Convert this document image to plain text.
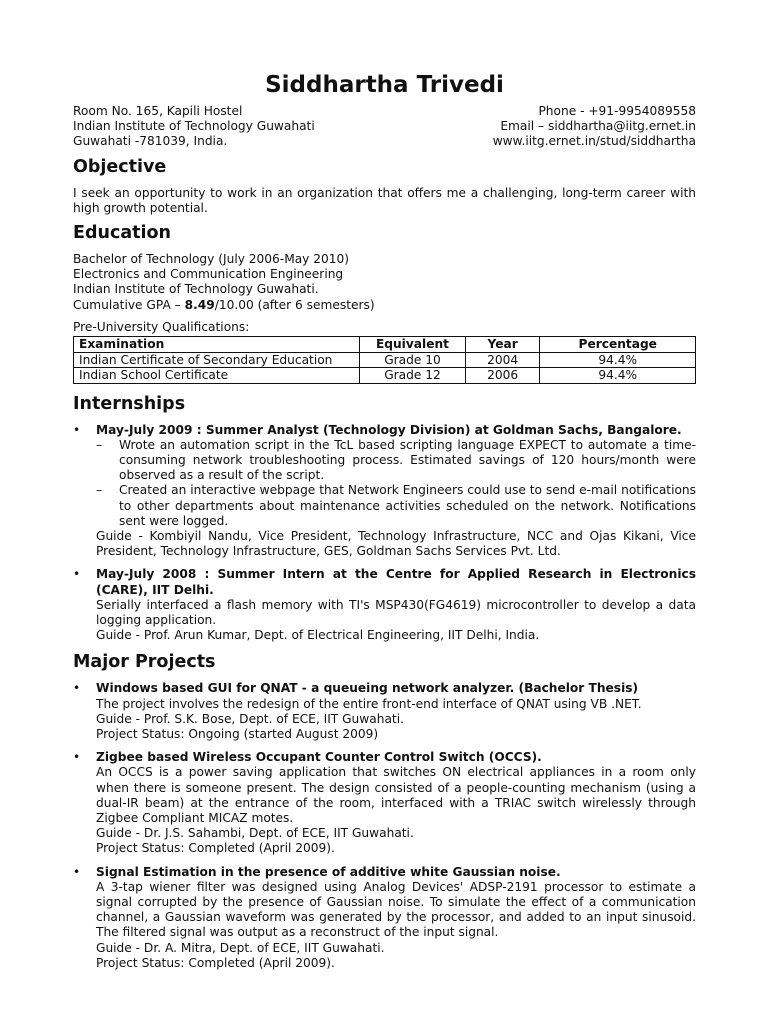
Siddhartha Trivedi
Room No. 165, Kapili Hostel
Indian Institute of Technology Guwahati
Guwahati -781039, India.
Phone - +91-9954089558
Email – siddhartha@iitg.ernet.in
www.iitg.ernet.in/stud/siddhartha
Objective

I seek an opportunity to work in an organization that offers me a challenging, long-term career with high growth potential.

Education
Bachelor of Technology (July 2006-May 2010)
Electronics and Communication Engineering
Indian Institute of Technology Guwahati.
Cumulative GPA – 8.49/10.00 (after 6 semesters)
Pre-University Qualifications:
Examination	Equivalent	Year	Percentage
Indian Certificate of Secondary Education	Grade 10	2004	94.4%
Indian School Certificate	Grade 12	2006	94.4%
Internships
• May-July 2009 : Summer Analyst (Technology Division) at Goldman Sachs, Bangalore.
– Wrote an automation script in the TcL based scripting language EXPECT to automate a time-consuming network troubleshooting process. Estimated savings of 120 hours/month were observed as a result of the script.
– Created an interactive webpage that Network Engineers could use to send e-mail notifications to other departments about maintenance activities scheduled on the network. Notifications sent were logged.
Guide - Kombiyil Nandu, Vice President, Technology Infrastructure, NCC and Ojas Kikani, Vice President, Technology Infrastructure, GES, Goldman Sachs Services Pvt. Ltd.
• May-July 2008 : Summer Intern at the Centre for Applied Research in Electronics (CARE), IIT Delhi.
Serially interfaced a flash memory with TI's MSP430(FG4619) microcontroller to develop a data logging application.
Guide - Prof. Arun Kumar, Dept. of Electrical Engineering, IIT Delhi, India.
Major Projects
• Windows based GUI for QNAT - a queueing network analyzer. (Bachelor Thesis)
The project involves the redesign of the entire front-end interface of QNAT using VB .NET.
Guide - Prof. S.K. Bose, Dept. of ECE, IIT Guwahati.
Project Status: Ongoing (started August 2009)
• Zigbee based Wireless Occupant Counter Control Switch (OCCS).
An OCCS is a power saving application that switches ON electrical appliances in a room only when there is someone present. The design consisted of a people-counting mechanism (using a dual-IR beam) at the entrance of the room, interfaced with a TRIAC switch wirelessly through Zigbee Compliant MICAZ motes.
Guide - Dr. J.S. Sahambi, Dept. of ECE, IIT Guwahati.
Project Status: Completed (April 2009).
• Signal Estimation in the presence of additive white Gaussian noise.
A 3-tap wiener filter was designed using Analog Devices' ADSP-2191 processor to estimate a signal corrupted by the presence of Gaussian noise. To simulate the effect of a communication channel, a Gaussian waveform was generated by the processor, and added to an input sinusoid. The filtered signal was output as a reconstruct of the input signal.
Guide - Dr. A. Mitra, Dept. of ECE, IIT Guwahati.
Project Status: Completed (April 2009).
